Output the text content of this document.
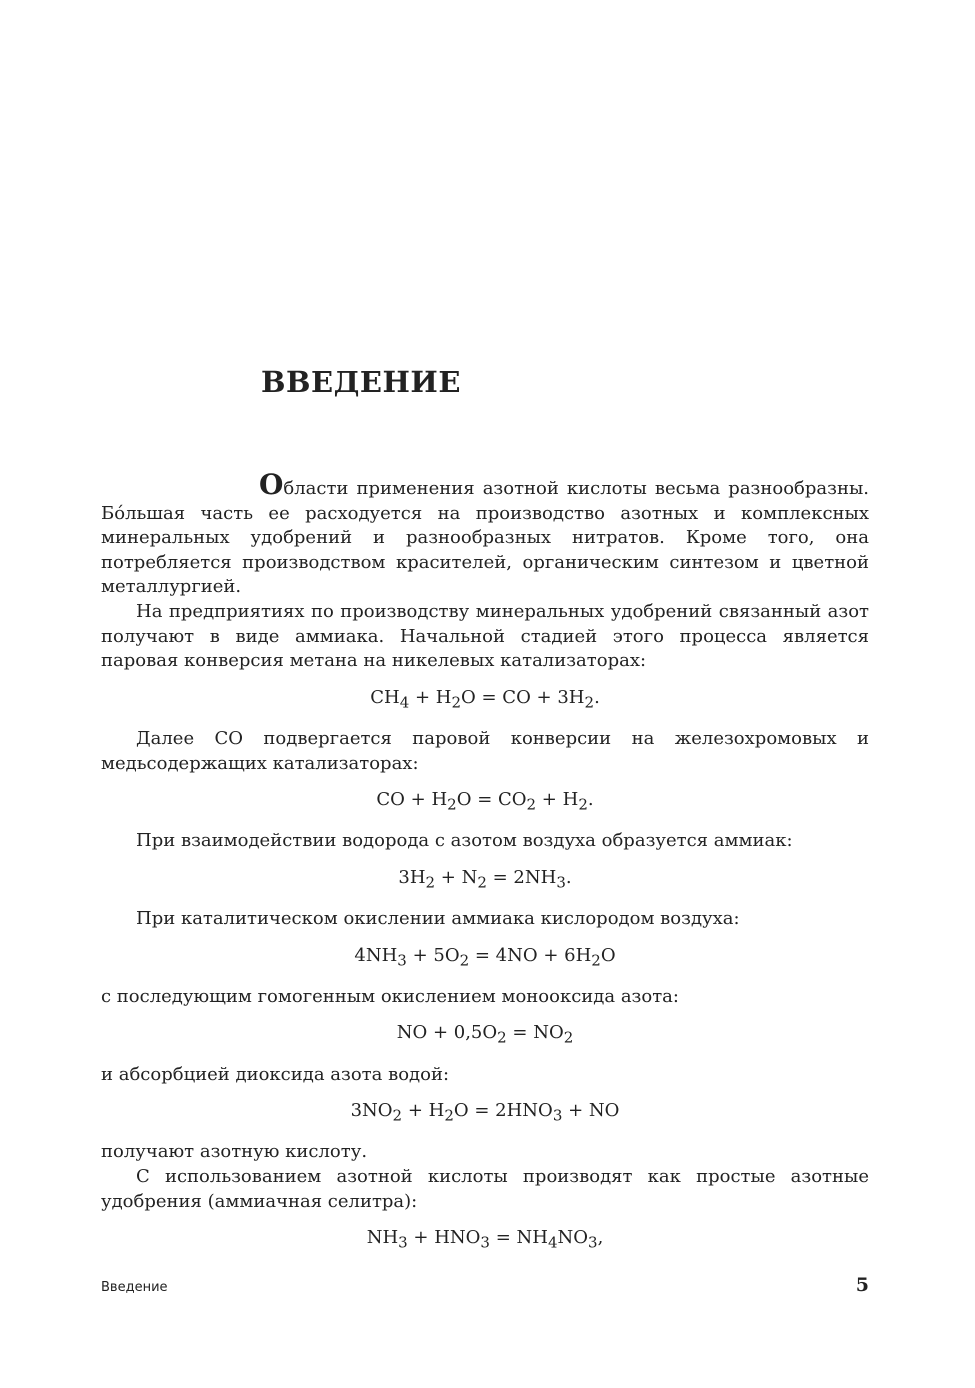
ВВЕДЕНИЕ

Области применения азотной кислоты весьма разнообразны. Бо́льшая часть ее расходуется на производство азотных и комплексных минеральных удобрений и разнообразных нитратов. Кроме того, она потребляется производством красителей, органическим синтезом и цветной металлургией.

На предприятиях по производству минеральных удобрений связанный азот получают в виде аммиака. Начальной стадией этого процесса является паровая конверсия метана на никелевых катализаторах:

$CH_4 + H_2O$ = CO + $3H_2$.

Далее CO подвергается паровой конверсии на железохромовых и медьсодержащих катализаторах:

CO + $H_2O = CO_2 + H_2$.

При взаимодействии водорода с азотом воздуха образуется аммиак:

$3H_2 + N_2 = 2NH_3$.

При каталитическом окислении аммиака кислородом воздуха:

$4NH_3 + 5O_2 = 4NO + 6H_2O$

с последующим гомогенным окислением монооксида азота:

NO + $0,5O_2 = NO_2$

и абсорбцией диоксида азота водой:

$3NO_2 + H_2O = 2HNO_3$ + NO

получают азотную кислоту.

С использованием азотной кислоты производят как простые азотные удобрения (аммиачная селитра):

$NH_3 + HNO_3 = NH_4NO_3$,

Введение	5
